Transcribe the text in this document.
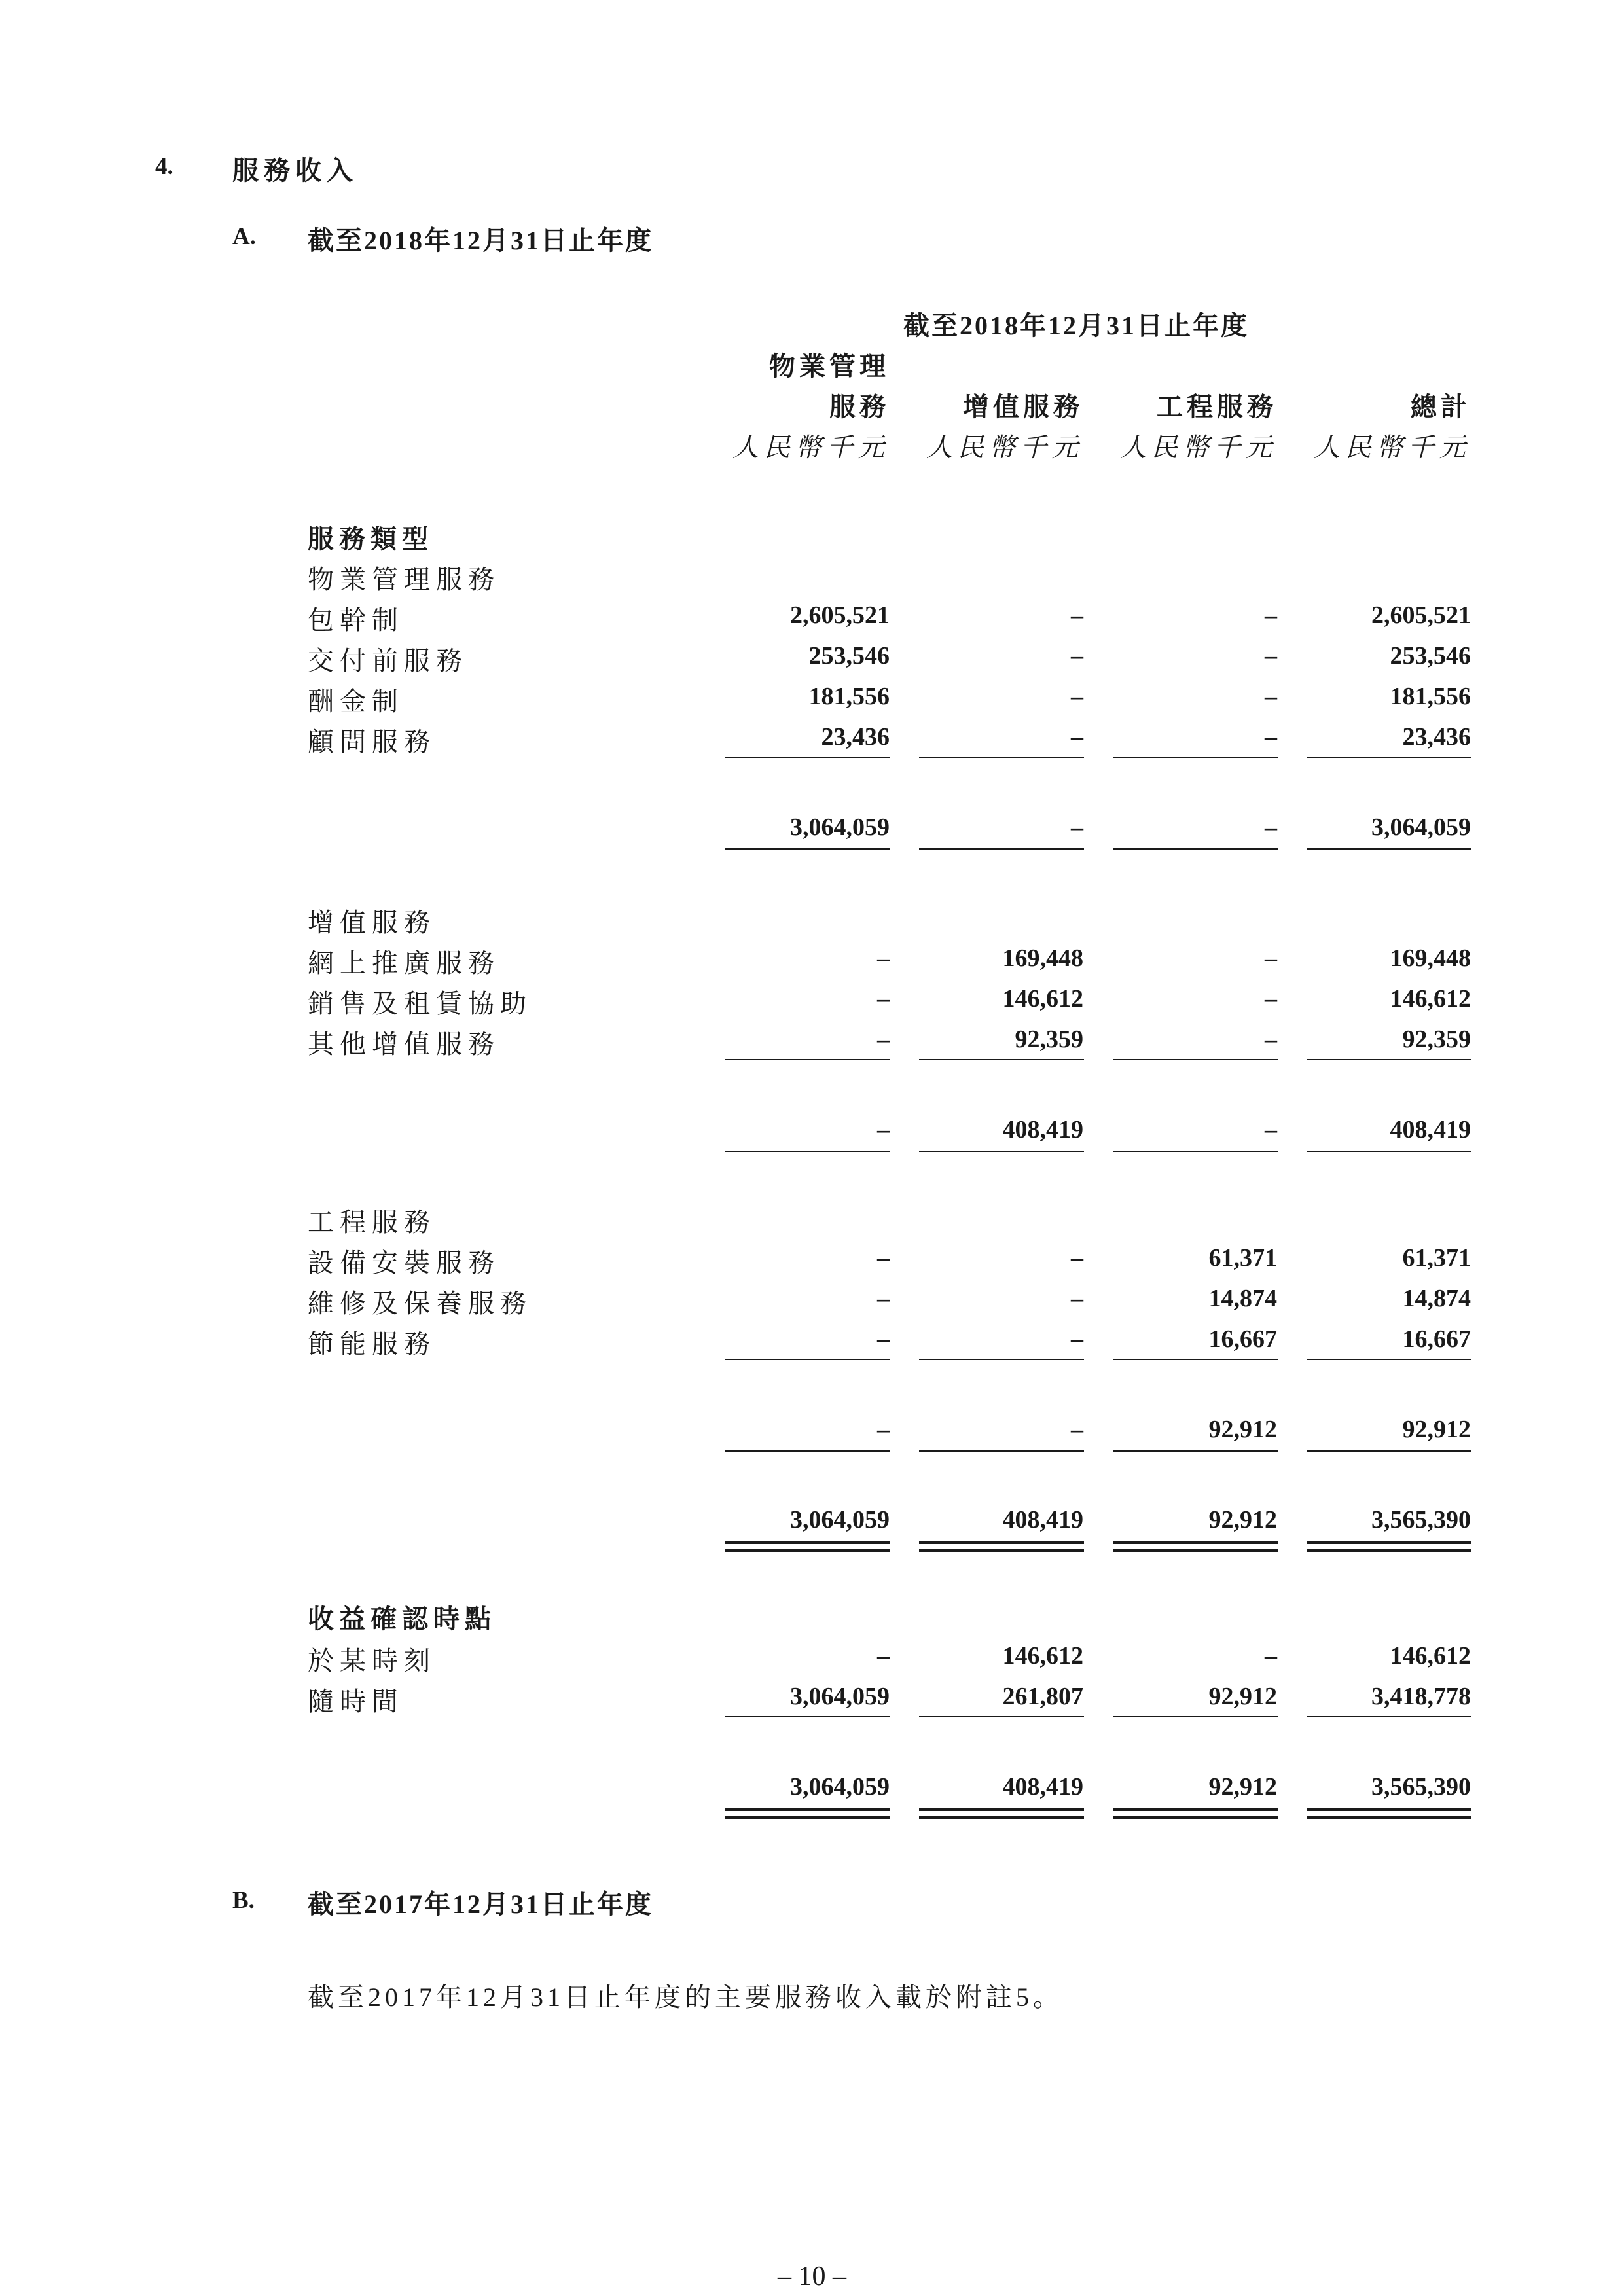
4. 服務收入
A. 截至2018年12月31日止年度
截至2018年12月31日止年度
物業管理
服務	增值服務	工程服務	總計
人民幣千元 人民幣千元 人民幣千元 人民幣千元
服務類型
物業管理服務
包幹制	2,605,521	–	–	2,605,521
交付前服務	253,546	–	–	253,546
酬金制	181,556	–	–	181,556
顧問服務	23,436	–	–	23,436
3,064,059	–	–	3,064,059
增值服務
網上推廣服務	–	169,448	–	169,448
銷售及租賃協助	–	146,612	–	146,612
其他增值服務	–	92,359	–	92,359
–	408,419	–	408,419
工程服務
設備安裝服務	–	–	61,371	61,371
維修及保養服務	–	–	14,874	14,874
節能服務	–	–	16,667	16,667
–	–	92,912	92,912
3,064,059	408,419	92,912	3,565,390
收益確認時點
於某時刻	–	146,612	–	146,612
隨時間	3,064,059	261,807	92,912	3,418,778
3,064,059	408,419	92,912	3,565,390
B. 截至2017年12月31日止年度
截至2017年12月31日止年度的主要服務收入載於附註5。
– 10 –
